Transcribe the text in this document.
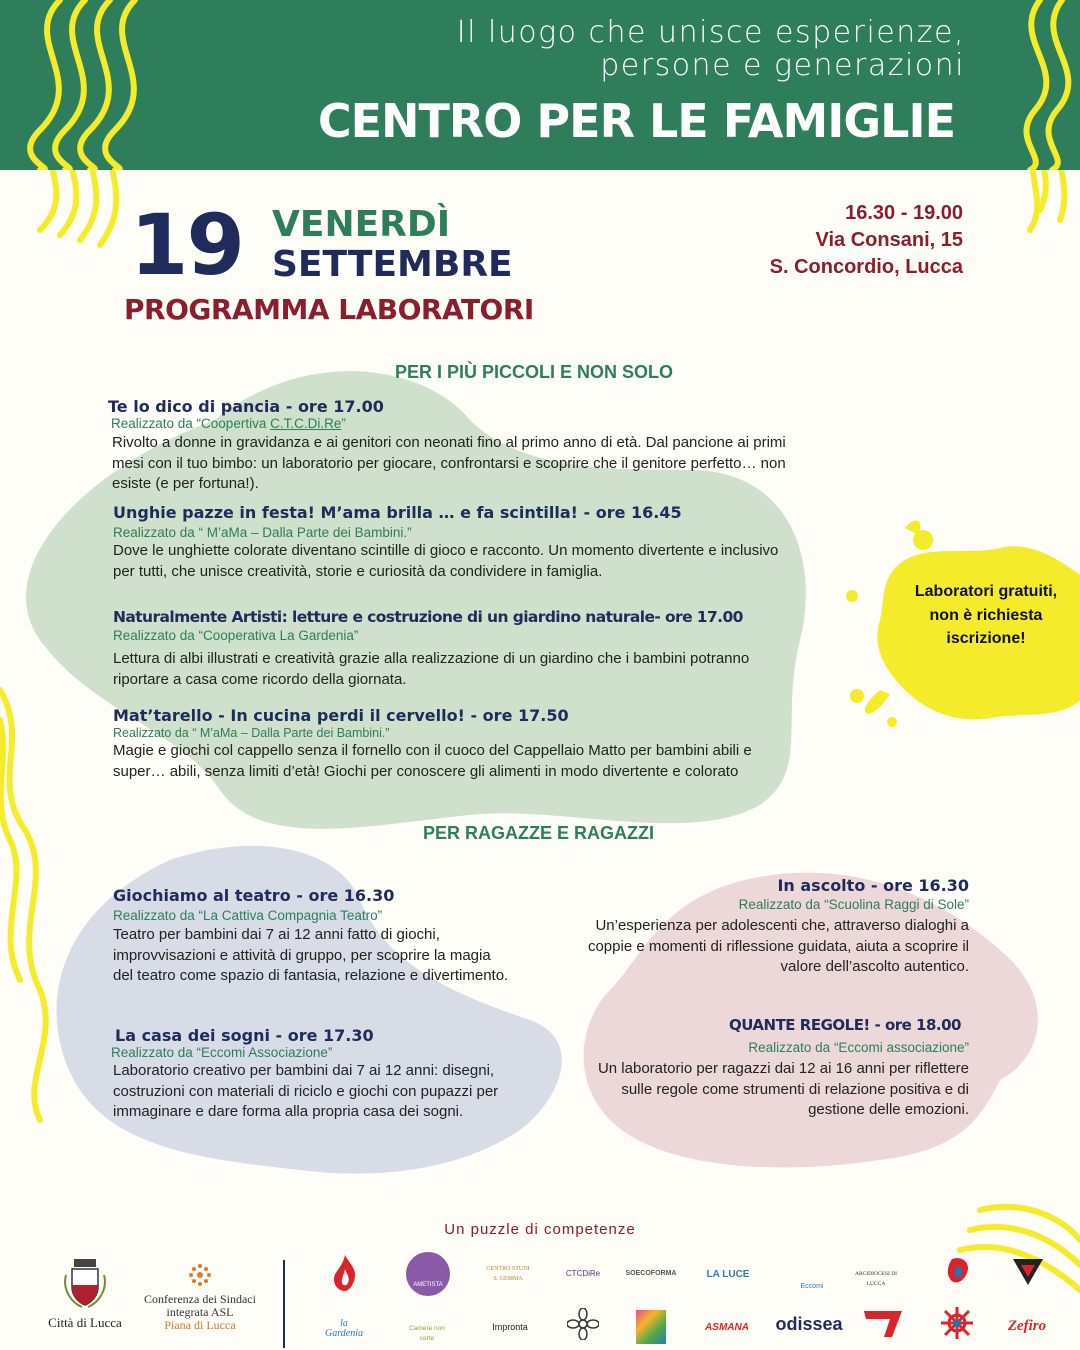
Il luogo che unisce esperienze,
persone e generazioni
CENTRO PER LE FAMIGLIE
19 VENERDÌ
SETTEMBRE
PROGRAMMA LABORATORI
16.30 - 19.00
Via Consani, 15
S. Concordio, Lucca
PER I PIÙ PICCOLI E NON SOLO
Te lo dico di pancia - ore 17.00
Realizzato da “Coopertiva C.T.C.Di.Re”
Rivolto a donne in gravidanza e ai genitori con neonati fino al primo anno di età. Dal pancione ai primi mesi con il tuo bimbo: un laboratorio per giocare, confrontarsi e scoprire che il genitore perfetto… non esiste (e per fortuna!).
Unghie pazze in festa! M’ama brilla … e fa scintilla! - ore 16.45
Realizzato da “ M’aMa – Dalla Parte dei Bambini.”
Dove le unghiette colorate diventano scintille di gioco e racconto. Un momento divertente e inclusivo per tutti, che unisce creatività, storie e curiosità da condividere in famiglia.
Naturalmente Artisti: letture e costruzione di un giardino naturale- ore 17.00
Realizzato da “Cooperativa La Gardenia”
Lettura di albi illustrati e creatività grazie alla realizzazione di un giardino che i bambini potranno riportare a casa come ricordo della giornata.
Mat’tarello - In cucina perdi il cervello! - ore 17.50
Realizzato da “ M’aMa – Dalla Parte dei Bambini.”
Magie e giochi col cappello senza il fornello con il cuoco del Cappellaio Matto per bambini abili e super… abili, senza limiti d’età! Giochi per conoscere gli alimenti in modo divertente e colorato
Laboratori gratuiti, non è richiesta iscrizione!
PER RAGAZZE E RAGAZZI
Giochiamo al teatro - ore 16.30
Realizzato da “La Cattiva Compagnia Teatro”
Teatro per bambini dai 7 ai 12 anni fatto di giochi, improvvisazioni e attività di gruppo, per scoprire la magia del teatro come spazio di fantasia, relazione e divertimento.
La casa dei sogni - ore 17.30
Realizzato da “Eccomi Associazione”
Laboratorio creativo per bambini dai 7 ai 12 anni: disegni, costruzioni con materiali di riciclo e giochi con pupazzi per immaginare e dare forma alla propria casa dei sogni.
In ascolto - ore 16.30
Realizzato da “Scuolina Raggi di Sole”
Un’esperienza per adolescenti che, attraverso dialoghi a coppie e momenti di riflessione guidata, aiuta a scoprire il valore dell’ascolto autentico.
QUANTE REGOLE! - ore 18.00
Realizzato da “Eccomi associazione”
Un laboratorio per ragazzi dai 12 ai 16 anni per riflettere sulle regole come strumenti di relazione positiva e di gestione delle emozioni.
Un puzzle di competenze
Città di Lucca
Conferenza dei Sindaci
integrata ASL
Piana di Lucca
AMETISTA
CENTRO STUDI S. GEMMA
CTCDiRe	SOECOFORMA	LA LUCE
Eccomi
ARCIDIOCESI DI LUCCA
la Gardenia	Camere non certe
Impronta	ASMANA odissea	Zefiro
